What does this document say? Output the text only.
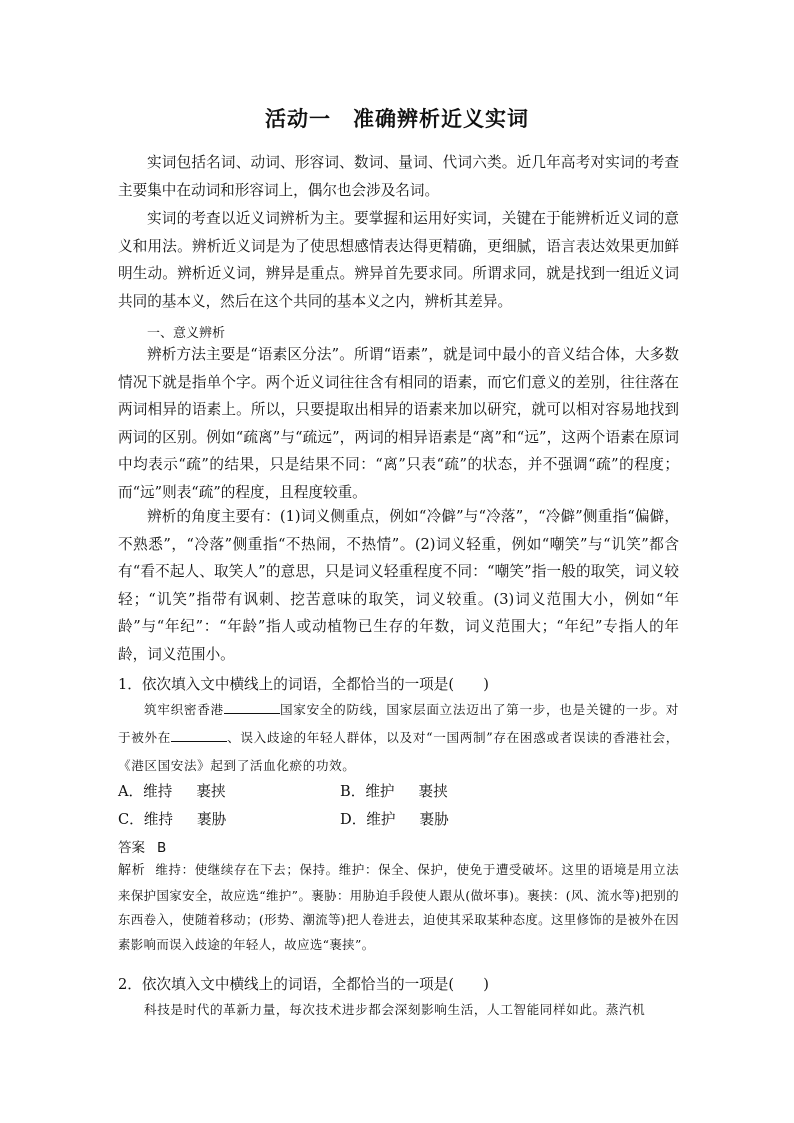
活动一　准确辨析近义实词

实词包括名词、动词、形容词、数词、量词、代词六类。近几年高考对实词的考查主要集中在动词和形容词上，偶尔也会涉及名词。

实词的考查以近义词辨析为主。要掌握和运用好实词，关键在于能辨析近义词的意义和用法。辨析近义词是为了使思想感情表达得更精确，更细腻，语言表达效果更加鲜明生动。辨析近义词，辨异是重点。辨异首先要求同。所谓求同，就是找到一组近义词共同的基本义，然后在这个共同的基本义之内，辨析其差异。

一、意义辨析

辨析方法主要是“语素区分法”。所谓“语素”，就是词中最小的音义结合体，大多数情况下就是指单个字。两个近义词往往含有相同的语素，而它们意义的差别，往往落在两词相异的语素上。所以，只要提取出相异的语素来加以研究，就可以相对容易地找到两词的区别。例如“疏离”与“疏远”，两词的相异语素是“离”和“远”，这两个语素在原词中均表示“疏”的结果，只是结果不同：“离”只表“疏”的状态，并不强调“疏”的程度；而“远”则表“疏”的程度，且程度较重。

辨析的角度主要有：(1)词义侧重点，例如“冷僻”与“冷落”，“冷僻”侧重指“偏僻，不熟悉”，“冷落”侧重指“不热闹，不热情”。(2)词义轻重，例如“嘲笑”与“讥笑”都含有“看不起人、取笑人”的意思，只是词义轻重程度不同：“嘲笑”指一般的取笑，词义较轻；“讥笑”指带有讽刺、挖苦意味的取笑，词义较重。(3)词义范围大小，例如“年龄”与“年纪”：“年龄”指人或动植物已生存的年数，词义范围大；“年纪”专指人的年龄，词义范围小。

1．依次填入文中横线上的词语，全都恰当的一项是(　　)

筑牢织密香港	国家安全的防线，国家层面立法迈出了第一步，也是关键的一步。对于被外在	、误入歧途的年轻人群体，以及对“一国两制”存在困惑或者误读的香港社会，《港区国安法》起到了活血化瘀的功效。

A．维持 裹挟	B．维护 裹挟
C．维持 裹胁	D．维护 裹胁
答案 B

解析 维持：使继续存在下去；保持。维护：保全、保护，使免于遭受破坏。这里的语境是用立法来保护国家安全，故应选“维护”。裹胁：用胁迫手段使人跟从(做坏事)。裹挟：(风、流水等)把别的东西卷入，使随着移动；(形势、潮流等)把人卷进去，迫使其采取某种态度。这里修饰的是被外在因素影响而误入歧途的年轻人，故应选“裹挟”。

2．依次填入文中横线上的词语，全都恰当的一项是(　　)

科技是时代的革新力量，每次技术进步都会深刻影响生活，人工智能同样如此。蒸汽机
